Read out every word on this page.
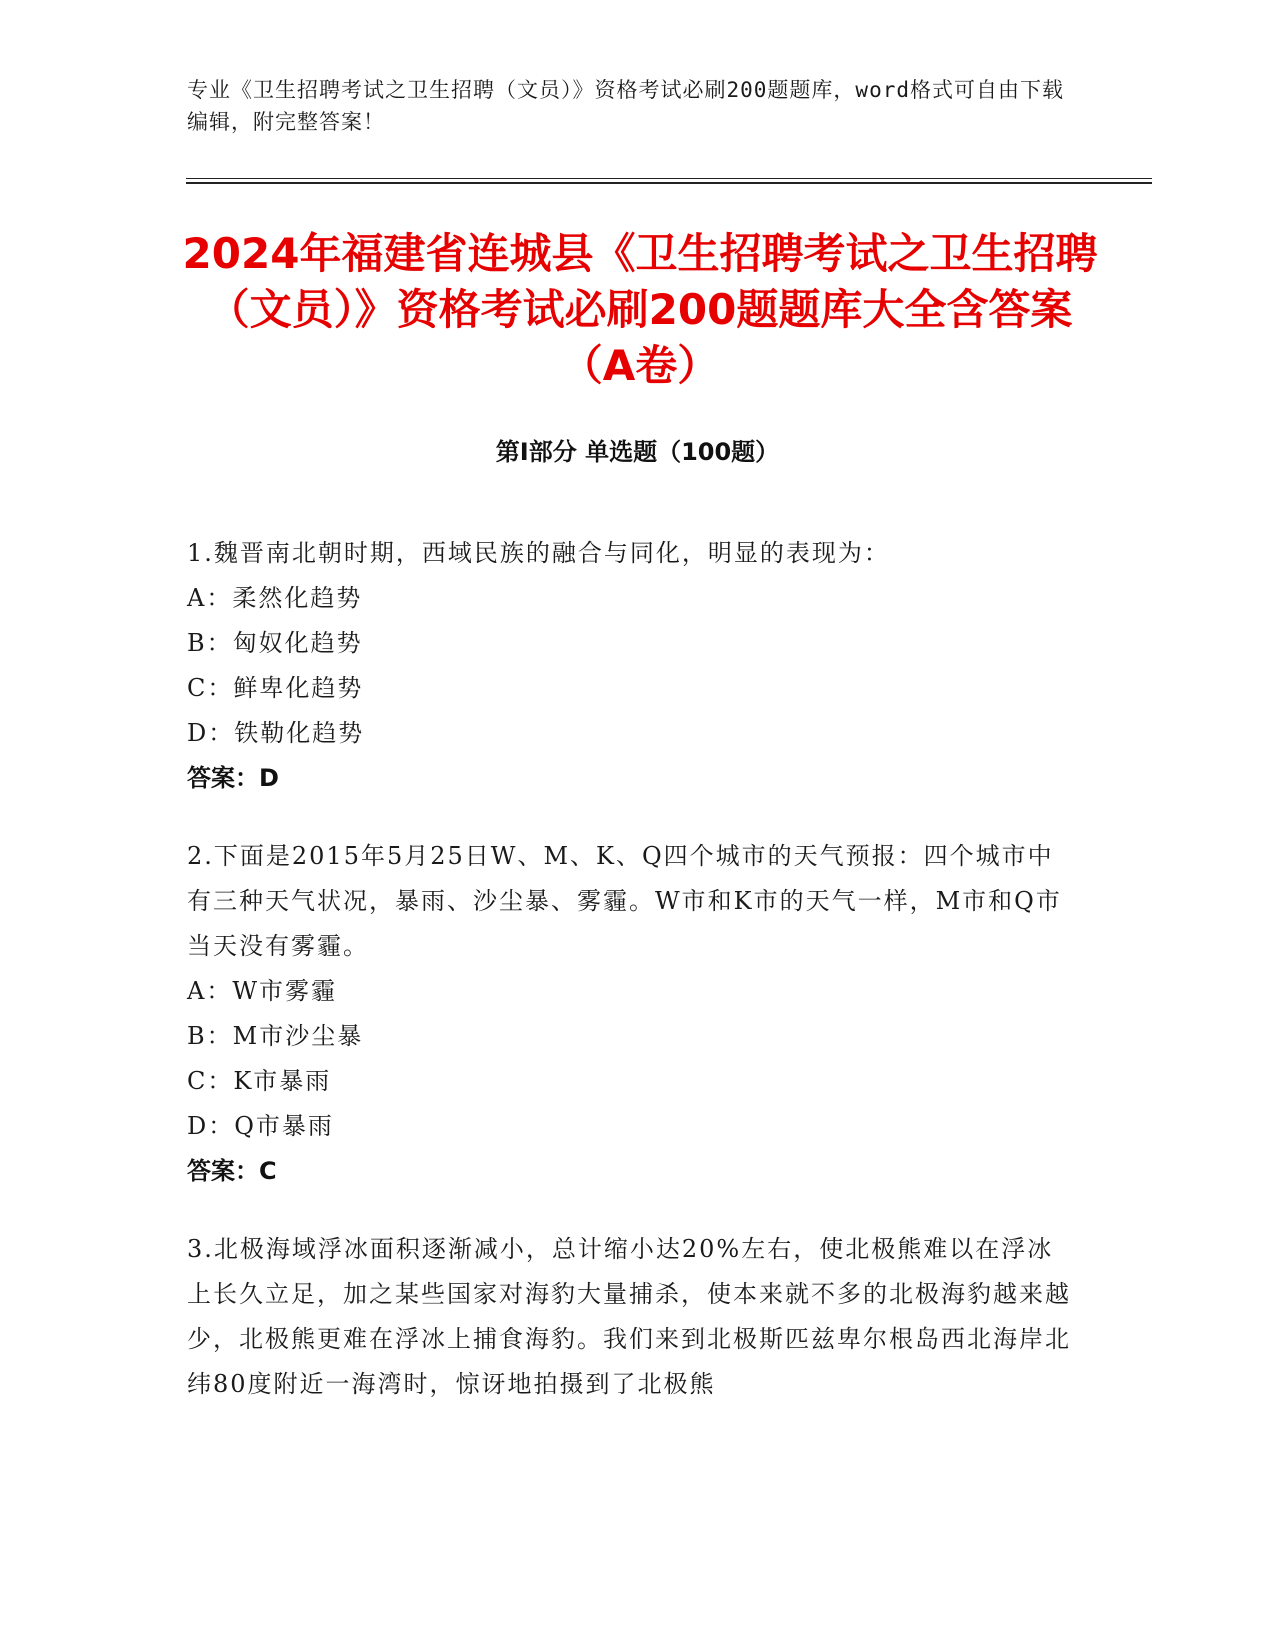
专业《卫生招聘考试之卫生招聘（文员）》资格考试必刷200题题库，word格式可自由下载编辑，附完整答案！
2024年福建省连城县《卫生招聘考试之卫生招聘（文员）》资格考试必刷200题题库大全含答案（A卷）
第Ⅰ部分 单选题（100题）
1.魏晋南北朝时期，西域民族的融合与同化，明显的表现为：
A：柔然化趋势
B：匈奴化趋势
C：鲜卑化趋势
D：铁勒化趋势
答案：D
2.下面是2015年5月25日W、M、K、Q四个城市的天气预报：四个城市中有三种天气状况，暴雨、沙尘暴、雾霾。W市和K市的天气一样，M市和Q市当天没有雾霾。
A：W市雾霾
B：M市沙尘暴
C：K市暴雨
D：Q市暴雨
答案：C
3.北极海域浮冰面积逐渐减小，总计缩小达20%左右，使北极熊难以在浮冰上长久立足，加之某些国家对海豹大量捕杀，使本来就不多的北极海豹越来越少，北极熊更难在浮冰上捕食海豹。我们来到北极斯匹兹卑尔根岛西北海岸北纬80度附近一海湾时，惊讶地拍摄到了北极熊
